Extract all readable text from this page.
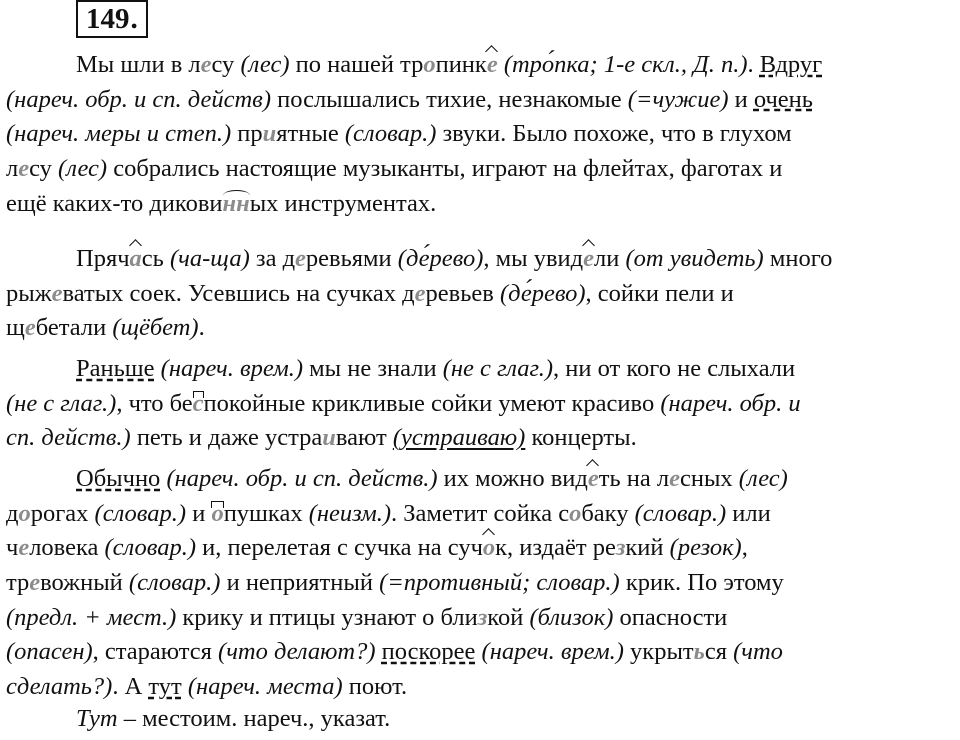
149.
Мы шли в лесу (лес) по нашей тропинке (тро́пка; 1-е скл., Д. п.). Вдруг
(нареч. обр. и сп. действ) послышались тихие, незнакомые (=чужие) и очень
(нареч. меры и степ.) приятные (словар.) звуки. Было похоже, что в глухом
лесу (лес) собрались настоящие музыканты, играют на флейтах, фаготах и
ещё каких-то диковинных инструментах.
Прячась (ча-ща) за деревьями (де́рево), мы увидели (от увидеть) много
рыжеватых соек. Усевшись на сучках деревьев (де́рево), сойки пели и
щебетали (щёбет).
Раньше (нареч. врем.) мы не знали (не с глаг.), ни от кого не слыхали
(не с глаг.), что беспокойные крикливые сойки умеют красиво (нареч. обр. и
сп. действ.) петь и даже устраивают (устраиваю) концерты.
Обычно (нареч. обр. и сп. действ.) их можно видеть на лесных (лес)
дорогах (словар.) и опушках (неизм.). Заметит сойка собаку (словар.) или
человека (словар.) и, перелетая с сучка на сучок, издаёт резкий (резок),
тревожный (словар.) и неприятный (=противный; словар.) крик. По этому
(предл. + мест.) крику и птицы узнают о близкой (близок) опасности
(опасен), стараются (что делают?) поскорее (нареч. врем.) укрыться (что
сделать?). А тут (нареч. места) поют.
Тут – местоим. нареч., указат.
